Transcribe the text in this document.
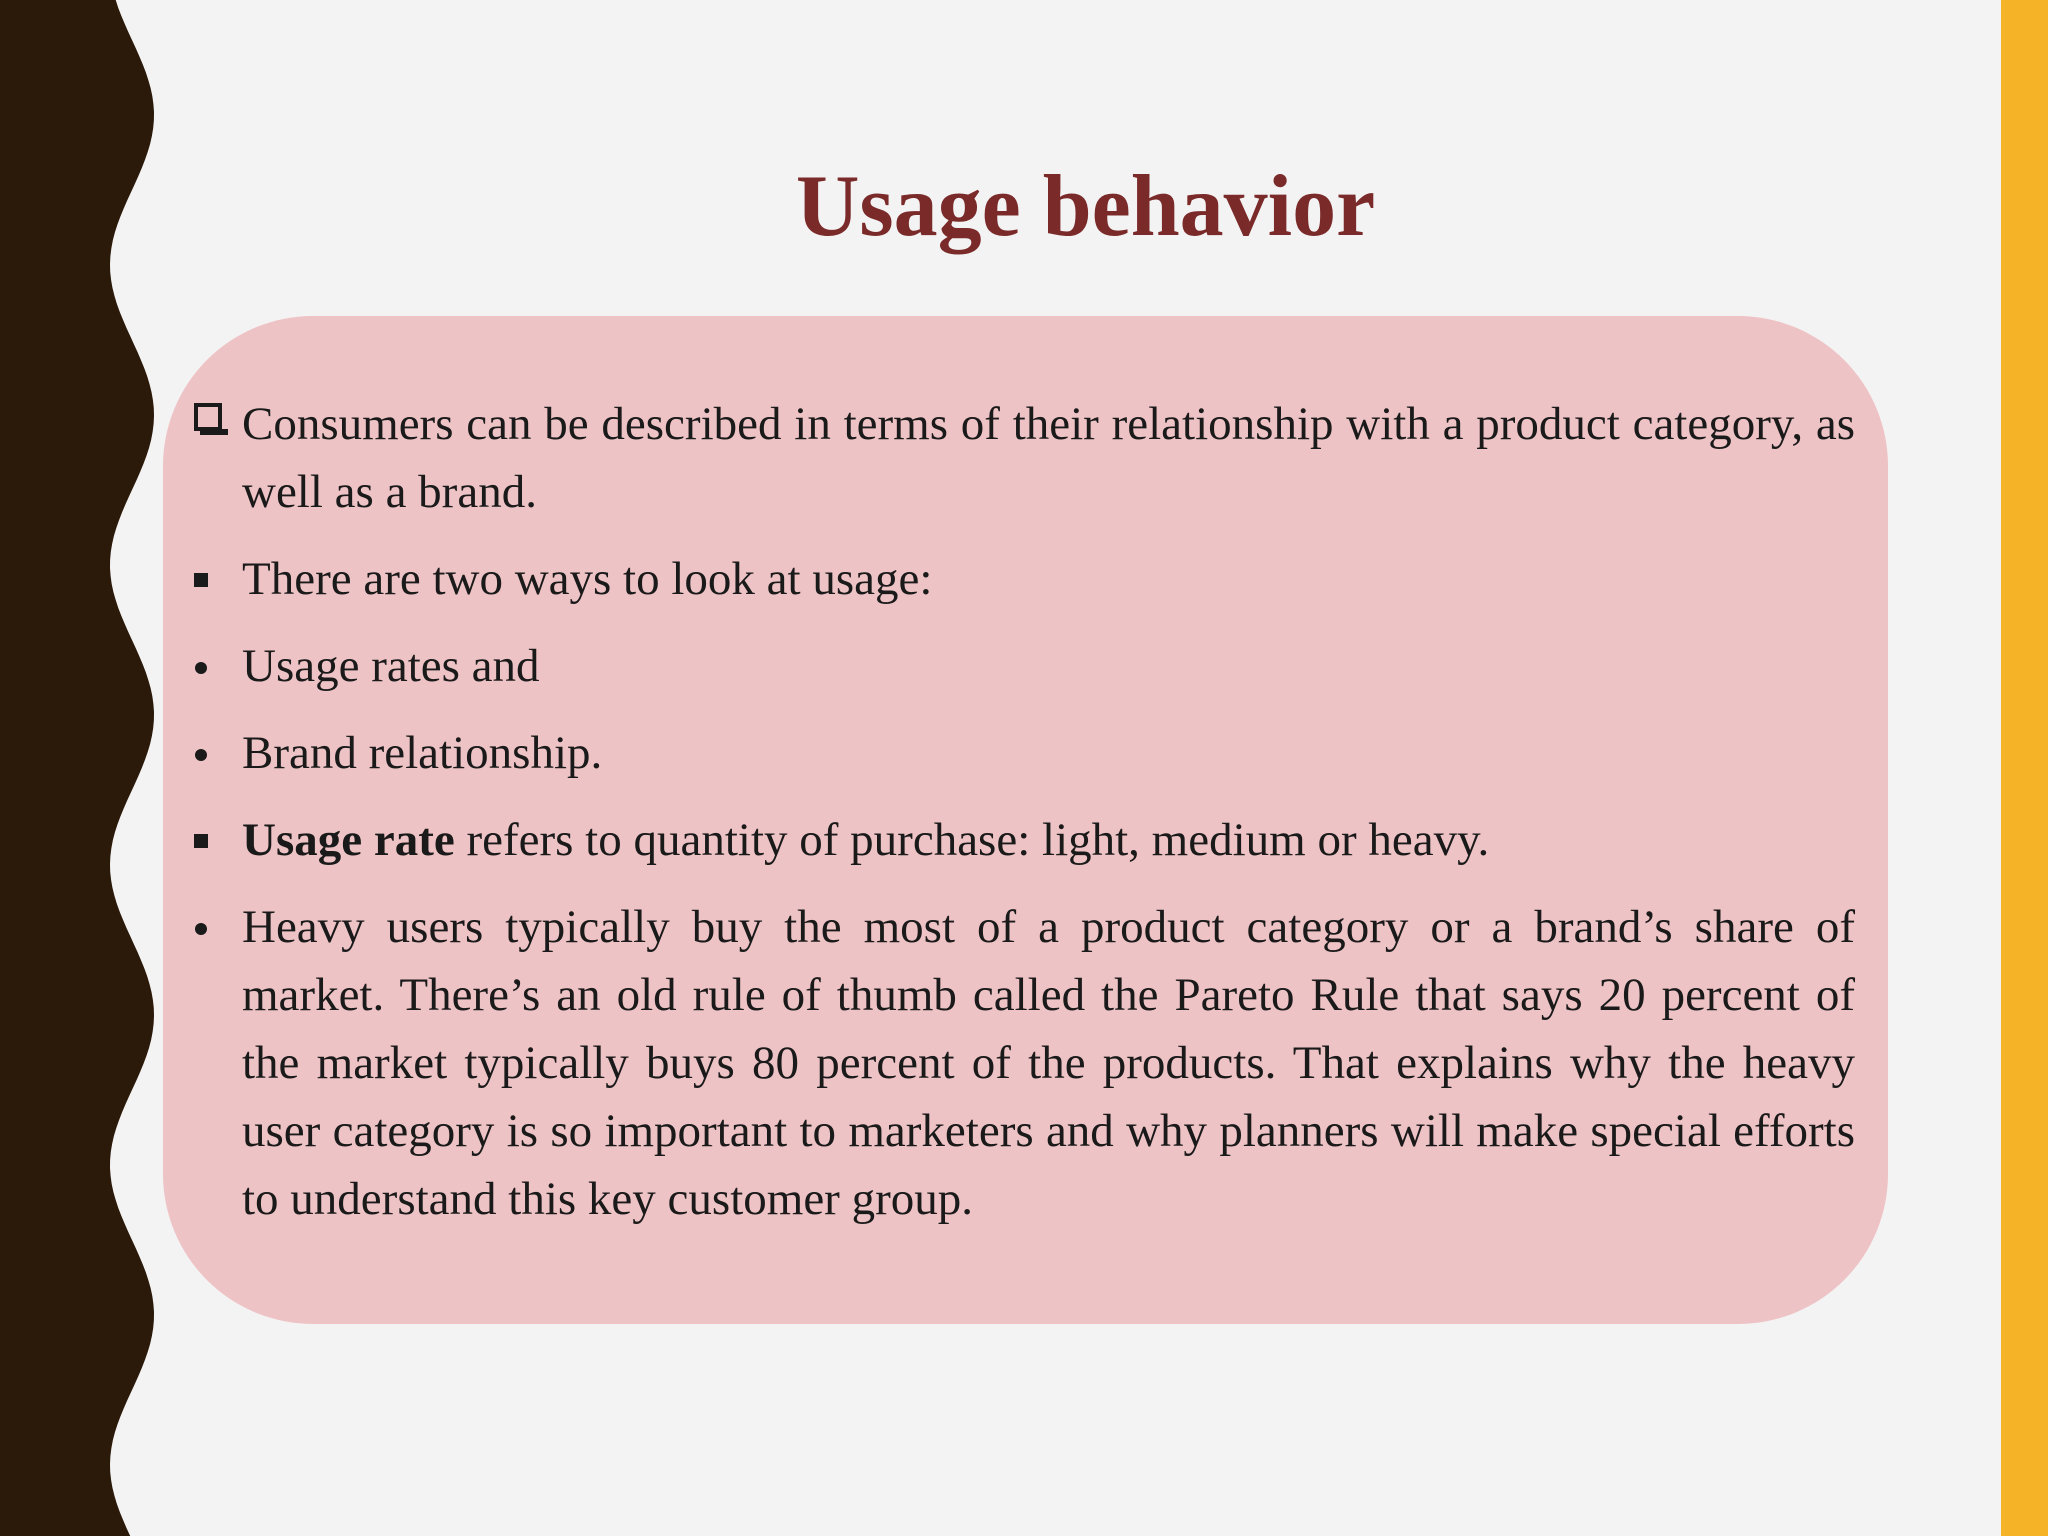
Usage behavior
Consumers can be described in terms of their relationship with a product category, as well as a brand.
There are two ways to look at usage:
Usage rates and
Brand relationship.
Usage rate refers to quantity of purchase: light, medium or heavy.
Heavy users typically buy the most of a product category or a brand’s share of market. There’s an old rule of thumb called the Pareto Rule that says 20 percent of the market typically buys 80 percent of the products. That explains why the heavy user category is so important to marketers and why planners will make special efforts to understand this key customer group.
